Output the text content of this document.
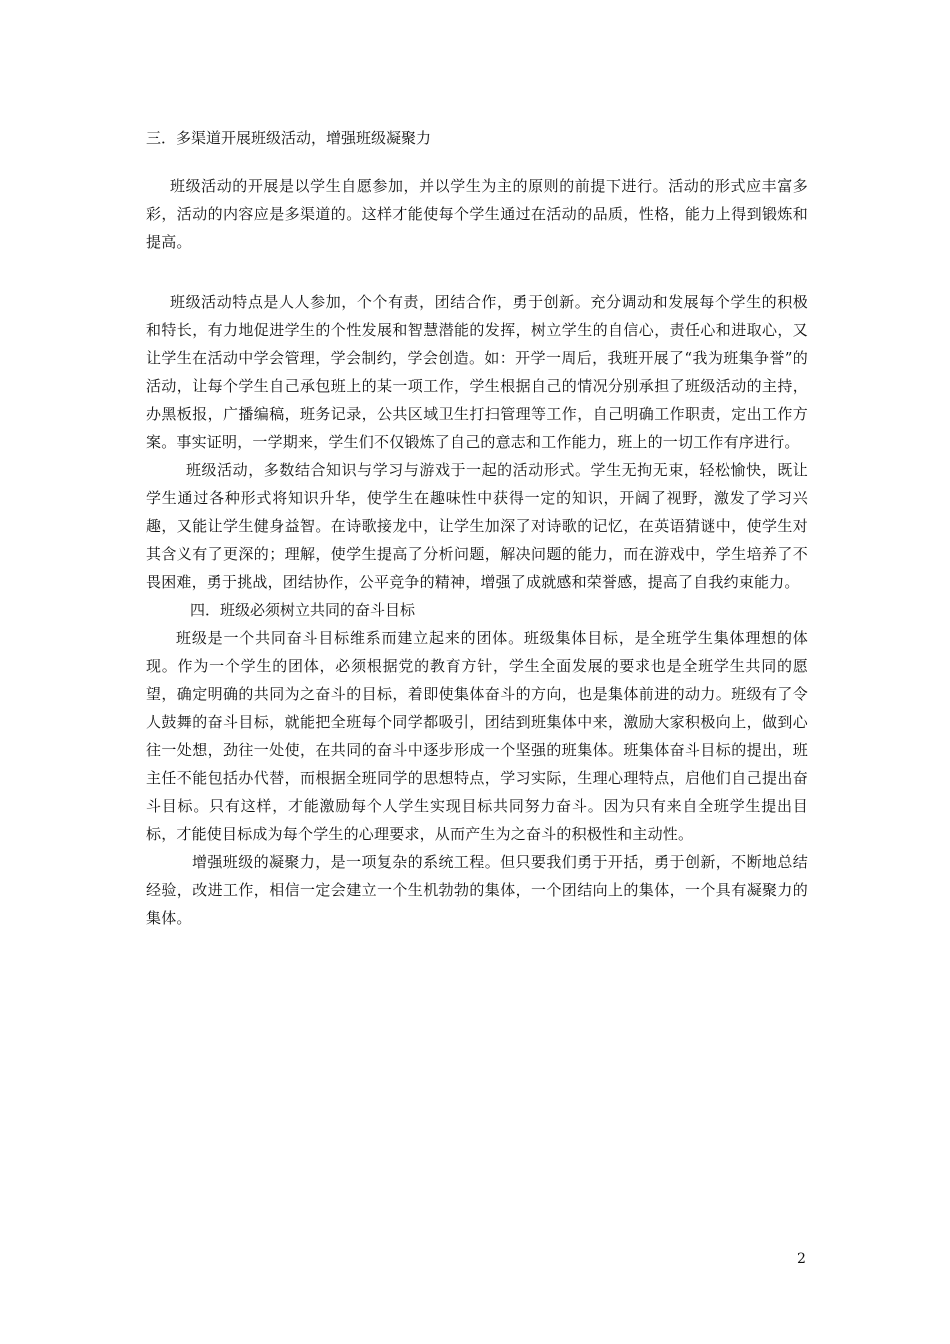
三．多渠道开展班级活动，增强班级凝聚力

班级活动的开展是以学生自愿参加，并以学生为主的原则的前提下进行。活动的形式应丰富多彩，活动的内容应是多渠道的。这样才能使每个学生通过在活动的品质，性格，能力上得到锻炼和提高。

班级活动特点是人人参加，个个有责，团结合作，勇于创新。充分调动和发展每个学生的积极和特长，有力地促进学生的个性发展和智慧潜能的发挥，树立学生的自信心，责任心和进取心，又让学生在活动中学会管理，学会制约，学会创造。如：开学一周后，我班开展了“我为班集争誉”的活动，让每个学生自己承包班上的某一项工作，学生根据自己的情况分别承担了班级活动的主持，办黑板报，广播编稿，班务记录，公共区域卫生打扫管理等工作，自己明确工作职责，定出工作方案。事实证明，一学期来，学生们不仅锻炼了自己的意志和工作能力，班上的一切工作有序进行。

班级活动，多数结合知识与学习与游戏于一起的活动形式。学生无拘无束，轻松愉快，既让学生通过各种形式将知识升华，使学生在趣味性中获得一定的知识，开阔了视野，激发了学习兴趣，又能让学生健身益智。在诗歌接龙中，让学生加深了对诗歌的记忆，在英语猜谜中，使学生对其含义有了更深的；理解，使学生提高了分析问题，解决问题的能力，而在游戏中，学生培养了不畏困难，勇于挑战，团结协作，公平竞争的精神，增强了成就感和荣誉感，提高了自我约束能力。

四．班级必须树立共同的奋斗目标

班级是一个共同奋斗目标维系而建立起来的团体。班级集体目标，是全班学生集体理想的体现。作为一个学生的团体，必须根据党的教育方针，学生全面发展的要求也是全班学生共同的愿望，确定明确的共同为之奋斗的目标，着即使集体奋斗的方向，也是集体前进的动力。班级有了令人鼓舞的奋斗目标，就能把全班每个同学都吸引，团结到班集体中来，激励大家积极向上，做到心往一处想，劲往一处使，在共同的奋斗中逐步形成一个坚强的班集体。班集体奋斗目标的提出，班主任不能包括办代替，而根据全班同学的思想特点，学习实际，生理心理特点，启他们自己提出奋斗目标。只有这样，才能激励每个人学生实现目标共同努力奋斗。因为只有来自全班学生提出目标，才能使目标成为每个学生的心理要求，从而产生为之奋斗的积极性和主动性。

增强班级的凝聚力，是一项复杂的系统工程。但只要我们勇于开括，勇于创新，不断地总结经验，改进工作，相信一定会建立一个生机勃勃的集体，一个团结向上的集体，一个具有凝聚力的集体。

2
